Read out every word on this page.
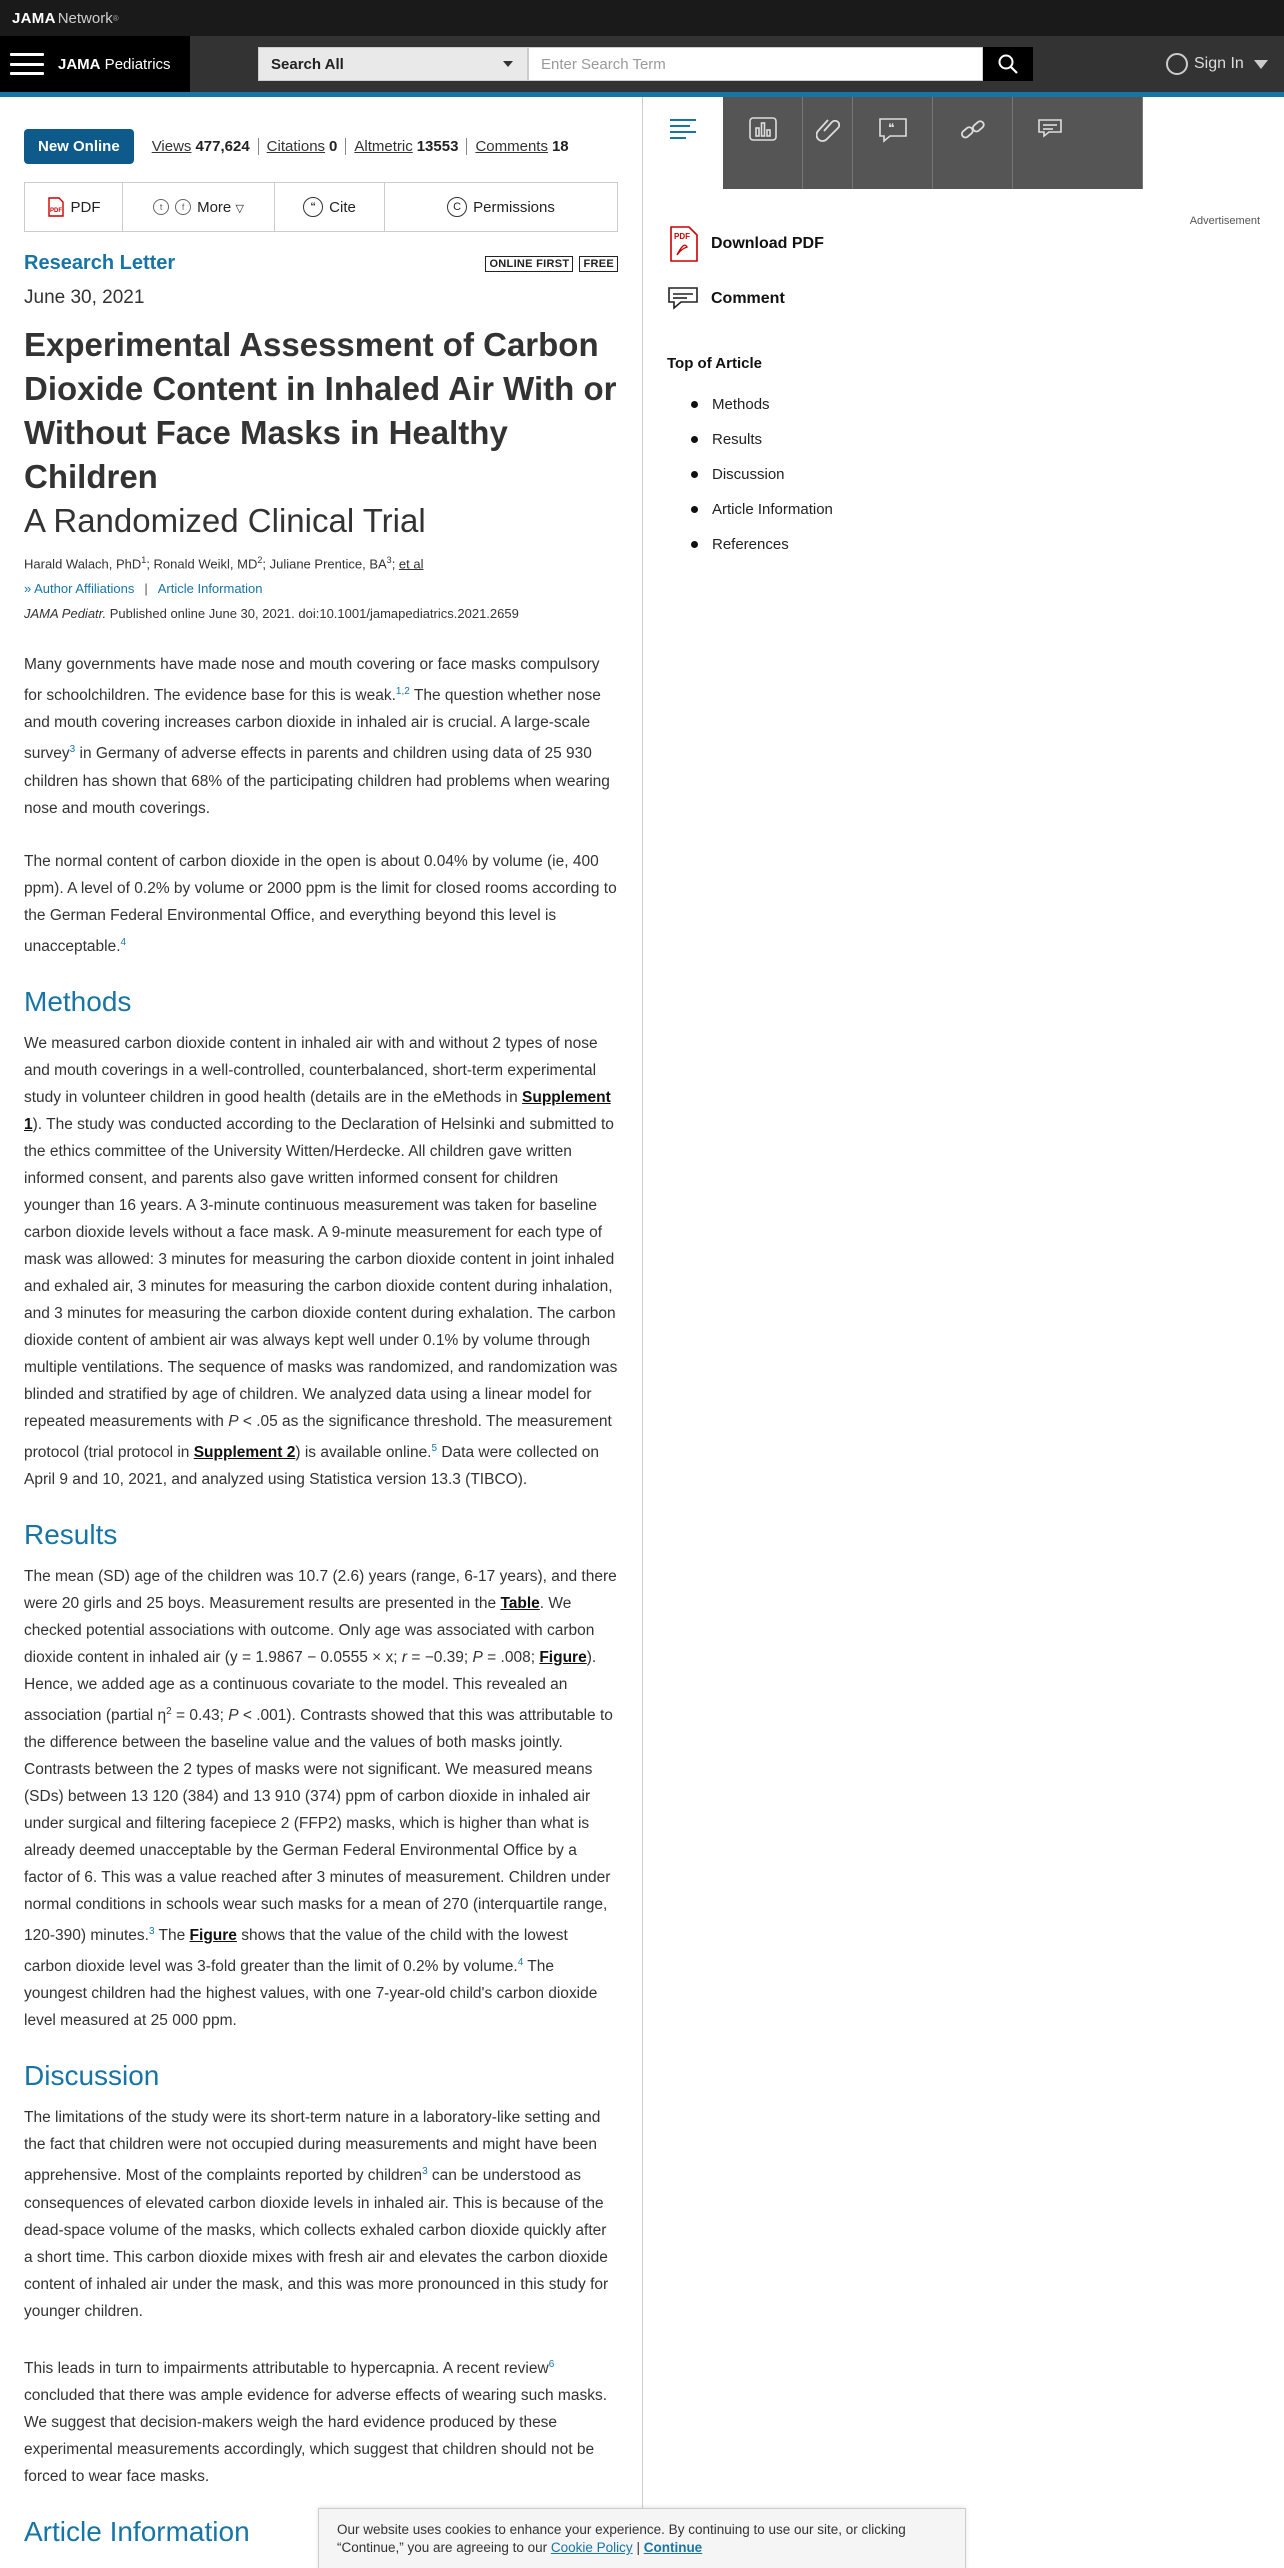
JAMA Network ®
JAMA Pediatrics	Search All	Enter Search Term	Sign In
New Online	Views 477,624 Citations 0 Altmetric 13553 Comments 18
PDF PDF	t	f More ▽	“ Cite	C Permissions
Research Letter	ONLINE FIRST	FREE
June 30, 2021
Experimental Assessment of Carbon Dioxide Content in Inhaled Air With or Without Face Masks in Healthy Children
A Randomized Clinical Trial
Harald Walach, PhD$^1$; Ronald Weikl, $MD^2$; Juliane Prentice, $BA^3$; et al
» Author Affiliations | Article Information
JAMA Pediatr. Published online June 30, 2021. doi:10.1001/jamapediatrics.2021.2659

Many governments have made nose and mouth covering or face masks compulsory for schoolchildren. The evidence base for this is weak.$^{1,2}$ The question whether nose and mouth covering increases carbon dioxide in inhaled air is crucial. A large-scale survey$^3$ in Germany of adverse effects in parents and children using data of 25 930 children has shown that 68% of the participating children had problems when wearing nose and mouth coverings.

The normal content of carbon dioxide in the open is about 0.04% by volume (ie, 400 ppm). A level of 0.2% by volume or 2000 ppm is the limit for closed rooms according to the German Federal Environmental Office, and everything beyond this level is unacceptable.$^4$

Methods

We measured carbon dioxide content in inhaled air with and without 2 types of nose and mouth coverings in a well-controlled, counterbalanced, short-term experimental study in volunteer children in good health (details are in the eMethods in Supplement 1). The study was conducted according to the Declaration of Helsinki and submitted to the ethics committee of the University Witten/Herdecke. All children gave written informed consent, and parents also gave written informed consent for children younger than 16 years. A 3-minute continuous measurement was taken for baseline carbon dioxide levels without a face mask. A 9-minute measurement for each type of mask was allowed: 3 minutes for measuring the carbon dioxide content in joint inhaled and exhaled air, 3 minutes for measuring the carbon dioxide content during inhalation, and 3 minutes for measuring the carbon dioxide content during exhalation. The carbon dioxide content of ambient air was always kept well under 0.1% by volume through multiple ventilations. The sequence of masks was randomized, and randomization was blinded and stratified by age of children. We analyzed data using a linear model for repeated measurements with P < .05 as the significance threshold. The measurement protocol (trial protocol in Supplement 2) is available online.$^5$ Data were collected on April 9 and 10, 2021, and analyzed using Statistica version 13.3 (TIBCO).

Results

The mean (SD) age of the children was 10.7 (2.6) years (range, 6-17 years), and there were 20 girls and 25 boys. Measurement results are presented in the Table. We checked potential associations with outcome. Only age was associated with carbon dioxide content in inhaled air (y = 1.9867 − 0.0555 × x; r = −0.39; P = .008; Figure). Hence, we added age as a continuous covariate to the model. This revealed an association (partial $\eta^2 = 0.43$; P < .001). Contrasts showed that this was attributable to the difference between the baseline value and the values of both masks jointly. Contrasts between the 2 types of masks were not significant. We measured means (SDs) between 13 120 (384) and 13 910 (374) ppm of carbon dioxide in inhaled air under surgical and filtering facepiece 2 (FFP2) masks, which is higher than what is already deemed unacceptable by the German Federal Environmental Office by a factor of 6. This was a value reached after 3 minutes of measurement. Children under normal conditions in schools wear such masks for a mean of 270 (interquartile range, 120-390) minutes.$^3$ The Figure shows that the value of the child with the lowest carbon dioxide level was 3-fold greater than the limit of 0.2% by volume.$^4$ The youngest children had the highest values, with one 7-year-old child's carbon dioxide level measured at 25 000 ppm.

Discussion

The limitations of the study were its short-term nature in a laboratory-like setting and the fact that children were not occupied during measurements and might have been apprehensive. Most of the complaints reported by children$^3$ can be understood as consequences of elevated carbon dioxide levels in inhaled air. This is because of the dead-space volume of the masks, which collects exhaled carbon dioxide quickly after a short time. This carbon dioxide mixes with fresh air and elevates the carbon dioxide content of inhaled air under the mask, and this was more pronounced in this study for younger children.

This leads in turn to impairments attributable to hypercapnia. A recent review$^6$ concluded that there was ample evidence for adverse effects of wearing such masks. We suggest that decision-makers weigh the hard evidence produced by these experimental measurements accordingly, which suggest that children should not be forced to wear face masks.

Article Information
❝
Advertisement
PDF Download PDF
Comment
Top of Article
Methods
Results
Discussion
Article Information
References
Our website uses cookies to enhance your experience. By continuing to use our site, or clicking “Continue,” you are agreeing to our Cookie Policy | Continue
